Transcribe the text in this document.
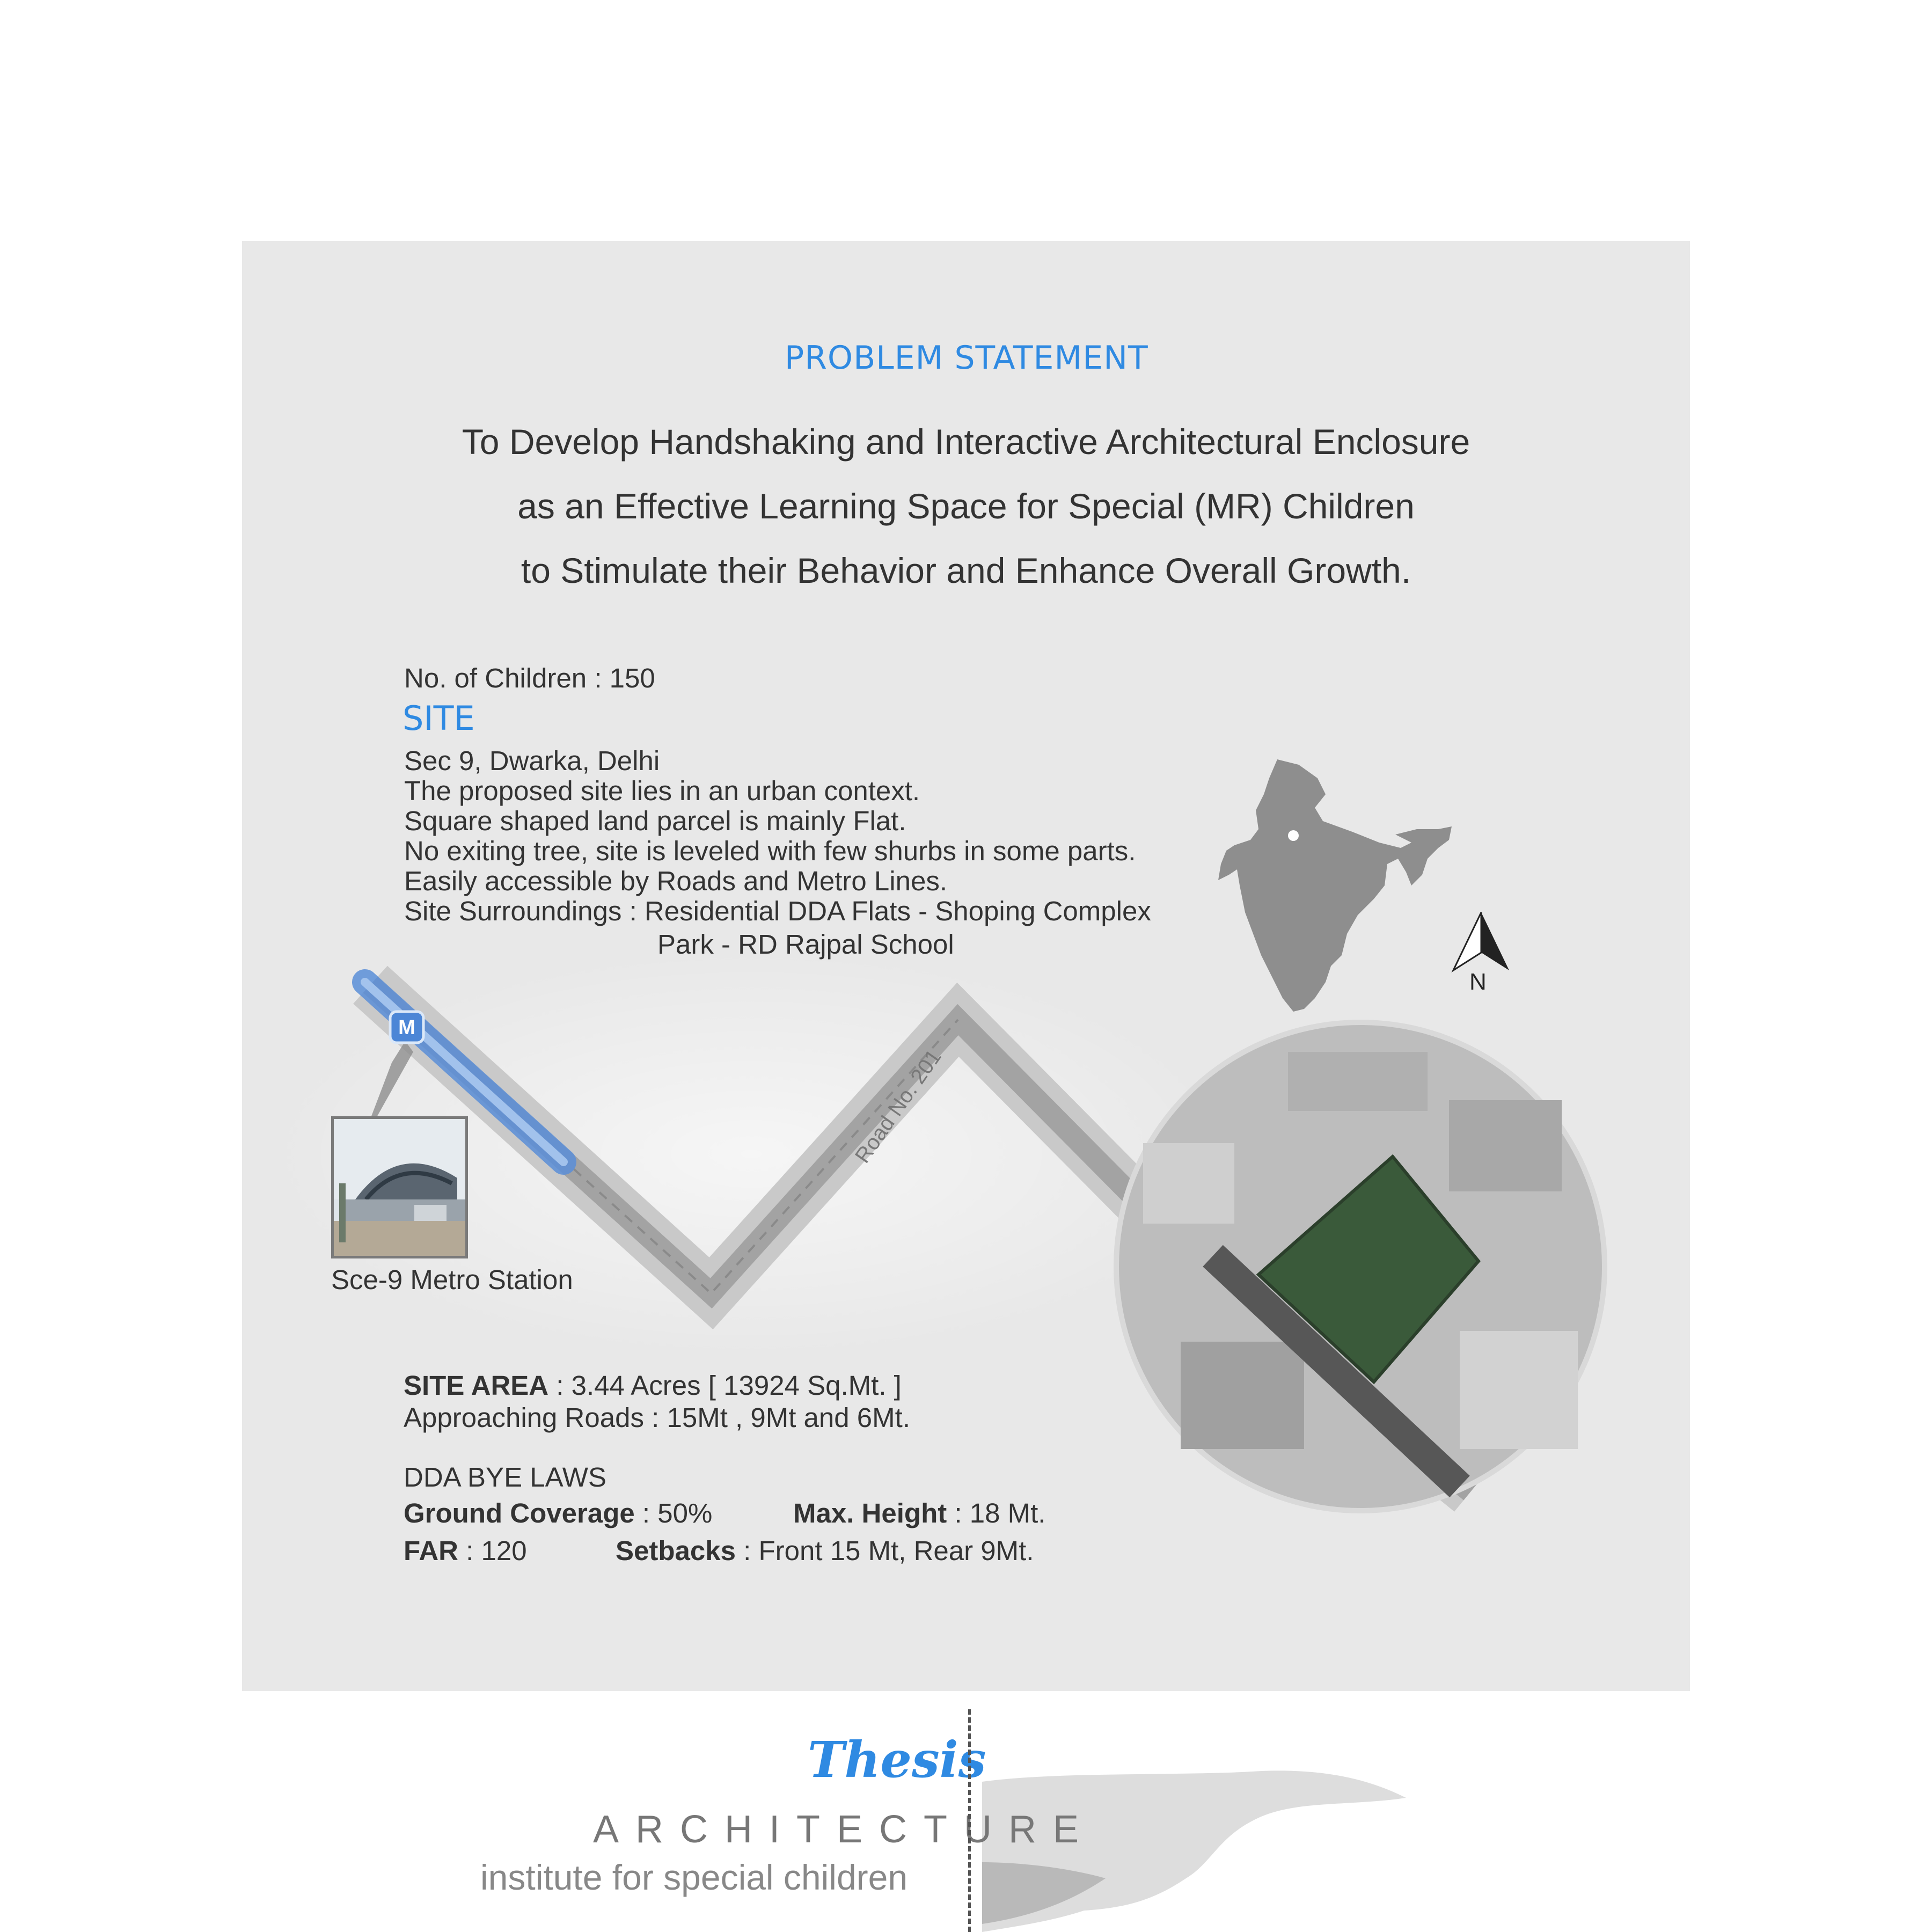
M
PROBLEM STATEMENT
To Develop Handshaking and Interactive Architectural Enclosure
as an Effective Learning Space for Special (MR) Children
to Stimulate their Behavior and Enhance Overall Growth.
No. of Children : 150
SITE
Sec 9, Dwarka, Delhi
The proposed site lies in an urban context.
Square shaped land parcel is mainly Flat.
No exiting tree, site is leveled with few shurbs in some parts.
Easily accessible by Roads and Metro Lines.
Site Surroundings : Residential DDA Flats - Shoping Complex
Park - RD Rajpal School
N
Road No. 201
Sce-9 Metro Station
SITE AREA : 3.44 Acres [ 13924 Sq.Mt. ]
Approaching Roads : 15Mt , 9Mt and 6Mt.
DDA BYE LAWS
Ground Coverage : 50%	Max. Height : 18 Mt.
FAR : 120	Setbacks : Front 15 Mt, Rear 9Mt.
Thesis
ARCHITECTURE
institute for special children
